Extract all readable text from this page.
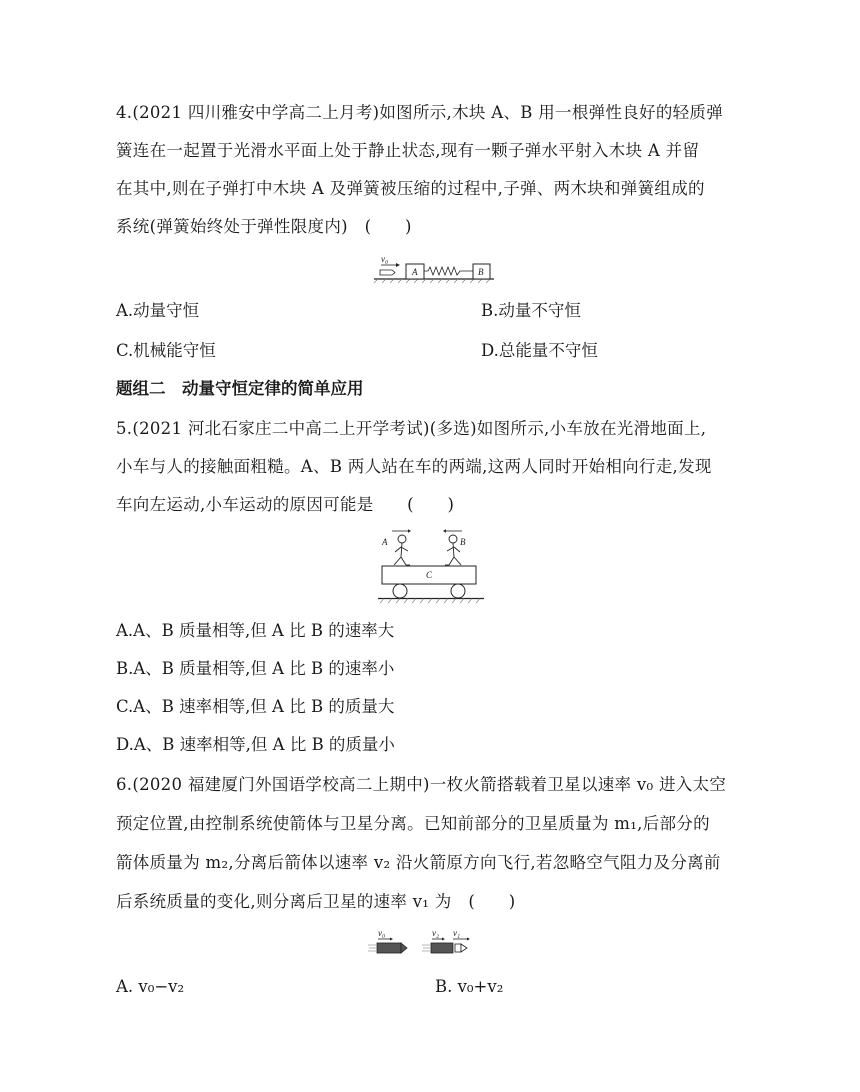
4.(2021 四川雅安中学高二上月考)如图所示,木块 A、B 用一根弹性良好的轻质弹
簧连在一起置于光滑水平面上处于静止状态,现有一颗子弹水平射入木块 A 并留
在其中,则在子弹打中木块 A 及弹簧被压缩的过程中,子弹、两木块和弹簧组成的
系统(弹簧始终处于弹性限度内)　(　　)
v₀
A	B
A.动量守恒	B.动量不守恒
C.机械能守恒	D.总能量不守恒
题组二　动量守恒定律的简单应用
5.(2021 河北石家庄二中高二上开学考试)(多选)如图所示,小车放在光滑地面上,
小车与人的接触面粗糙。A、B 两人站在车的两端,这两人同时开始相向行走,发现
车向左运动,小车运动的原因可能是　　(　　)
A	B
C
A.A、B 质量相等,但 A 比 B 的速率大
B.A、B 质量相等,但 A 比 B 的速率小
C.A、B 速率相等,但 A 比 B 的质量大
D.A、B 速率相等,但 A 比 B 的质量小
6.(2020 福建厦门外国语学校高二上期中)一枚火箭搭载着卫星以速率 v₀ 进入太空
预定位置,由控制系统使箭体与卫星分离。已知前部分的卫星质量为 m₁,后部分的
箭体质量为 m₂,分离后箭体以速率 v₂ 沿火箭原方向飞行,若忽略空气阻力及分离前
后系统质量的变化,则分离后卫星的速率 v₁ 为　(　　)
v₀	v₂ v₁
A. v₀−v₂	B. v₀+v₂
